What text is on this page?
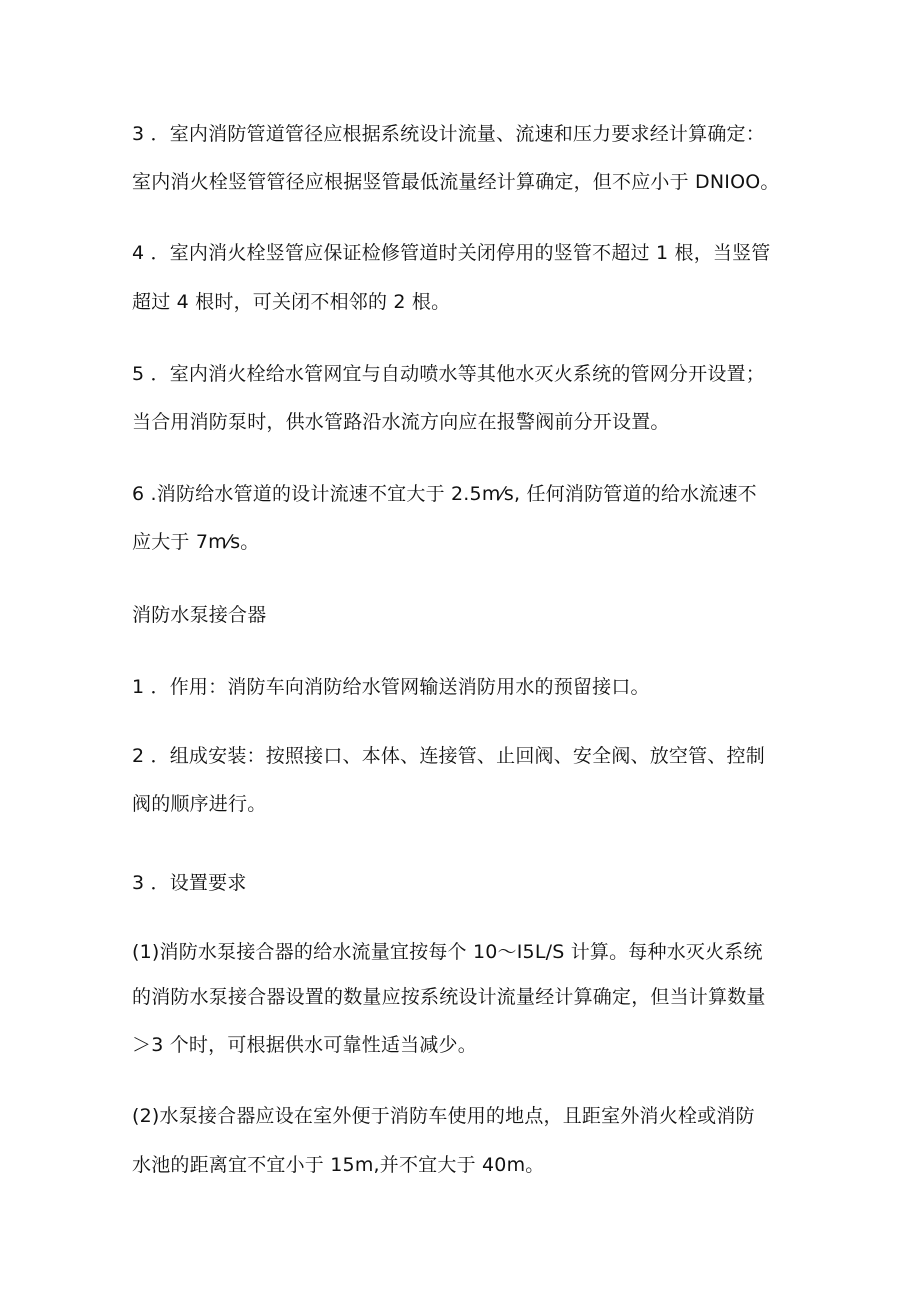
3 ．室内消防管道管径应根据系统设计流量、流速和压力要求经计算确定：
室内消火栓竖管管径应根据竖管最低流量经计算确定，但不应小于 DNIOO。
4 ．室内消火栓竖管应保证检修管道时关闭停用的竖管不超过 1 根，当竖管
超过 4 根时，可关闭不相邻的 2 根。
5 ．室内消火栓给水管网宜与自动喷水等其他水灭火系统的管网分开设置；
当合用消防泵时，供水管路沿水流方向应在报警阀前分开设置。
6 .消防给水管道的设计流速不宜大于 2.5m⁄s, 任何消防管道的给水流速不
应大于 7m⁄s。
消防水泵接合器
1 ．作用：消防车向消防给水管网输送消防用水的预留接口。
2 ．组成安装：按照接口、本体、连接管、止回阀、安全阀、放空管、控制
阀的顺序进行。
3 ．设置要求
(1)消防水泵接合器的给水流量宜按每个 10～I5L/S 计算。每种水灭火系统
的消防水泵接合器设置的数量应按系统设计流量经计算确定，但当计算数量
＞3 个时，可根据供水可靠性适当减少。
(2)水泵接合器应设在室外便于消防车使用的地点，且距室外消火栓或消防
水池的距离宜不宜小于 15m,并不宜大于 40m。
